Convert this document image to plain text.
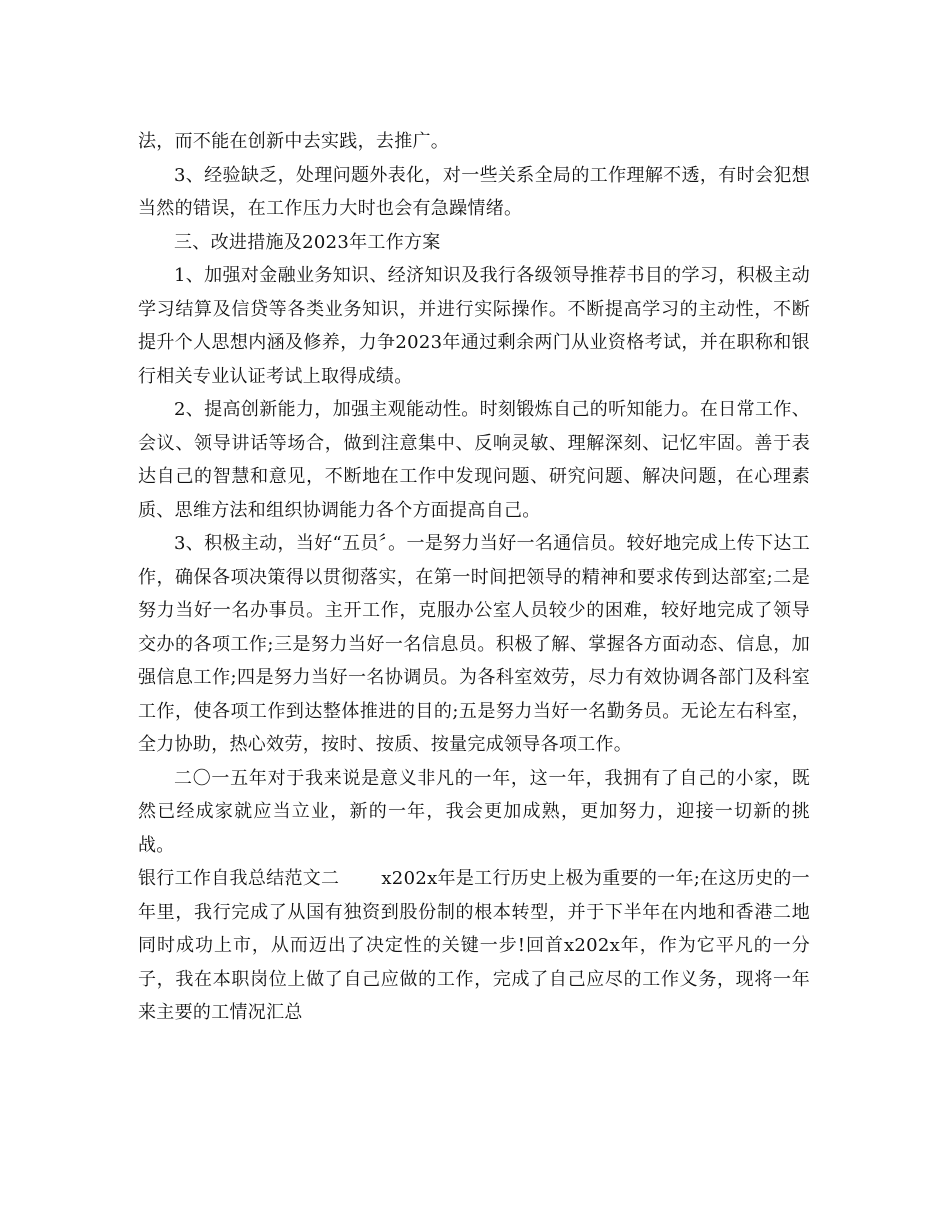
法，而不能在创新中去实践，去推广。

3、经验缺乏，处理问题外表化，对一些关系全局的工作理解不透，有时会犯想当然的错误，在工作压力大时也会有急躁情绪。

三、改进措施及2023年工作方案

1、加强对金融业务知识、经济知识及我行各级领导推荐书目的学习，积极主动学习结算及信贷等各类业务知识，并进行实际操作。不断提高学习的主动性，不断提升个人思想内涵及修养，力争2023年通过剩余两门从业资格考试，并在职称和银行相关专业认证考试上取得成绩。

2、提高创新能力，加强主观能动性。时刻锻炼自己的听知能力。在日常工作、会议、领导讲话等场合，做到注意集中、反响灵敏、理解深刻、记忆牢固。善于表达自己的智慧和意见，不断地在工作中发现问题、研究问题、解决问题，在心理素质、思维方法和组织协调能力各个方面提高自己。

3、积极主动，当好“五员〞。一是努力当好一名通信员。较好地完成上传下达工作，确保各项决策得以贯彻落实，在第一时间把领导的精神和要求传到达部室;二是努力当好一名办事员。主开工作，克服办公室人员较少的困难，较好地完成了领导交办的各项工作;三是努力当好一名信息员。积极了解、掌握各方面动态、信息，加强信息工作;四是努力当好一名协调员。为各科室效劳，尽力有效协调各部门及科室工作，使各项工作到达整体推进的目的;五是努力当好一名勤务员。无论左右科室，全力协助，热心效劳，按时、按质、按量完成领导各项工作。

二〇一五年对于我来说是意义非凡的一年，这一年，我拥有了自己的小家，既然已经成家就应当立业，新的一年，我会更加成熟，更加努力，迎接一切新的挑战。

银行工作自我总结范文二 x202x年是工行历史上极为重要的一年;在这历史的一年里，我行完成了从国有独资到股份制的根本转型，并于下半年在内地和香港二地同时成功上市，从而迈出了决定性的关键一步!回首x202x年，作为它平凡的一分子，我在本职岗位上做了自己应做的工作，完成了自己应尽的工作义务，现将一年来主要的工情况汇总
